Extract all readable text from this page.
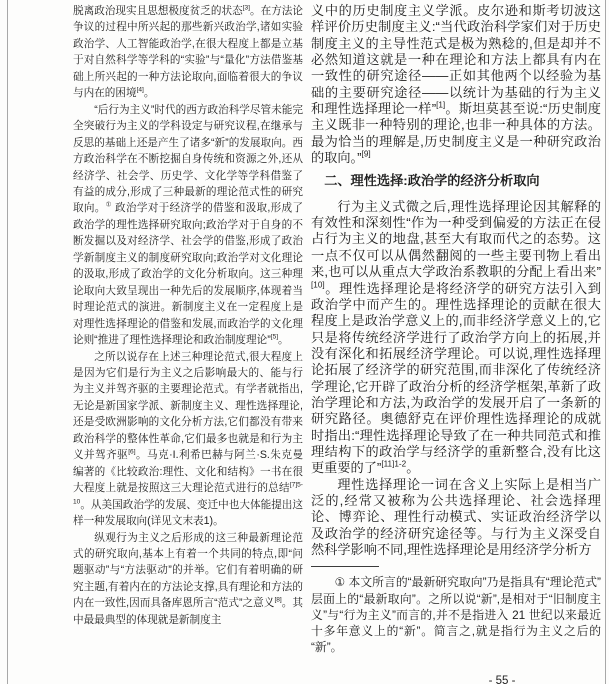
脱离政治现实且思想极度贫乏的状态[3]。在方法论争议的过程中所兴起的那些新兴政治学,诸如实验政治学、人工智能政治学,在很大程度上都是立基于对自然科学等学科的“实验”与“量化”方法借鉴基础上所兴起的一种方法论取向,面临着很大的争议与内在的困境[4]。

“后行为主义”时代的西方政治科学尽管未能完全突破行为主义的学科设定与研究议程,在继承与反思的基础上还是产生了诸多“新”的发展取向。西方政治科学在不断挖掘自身传统和资源之外,还从经济学、社会学、历史学、文化学等学科借鉴了有益的成分,形成了三种最新的理论范式性的研究取向。① 政治学对于经济学的借鉴和汲取,形成了政治学的理性选择研究取向;政治学对于自身的不断发掘以及对经济学、社会学的借鉴,形成了政治学新制度主义的制度研究取向;政治学对文化理论的汲取,形成了政治学的文化分析取向。这三种理论取向大致呈现出一种先后的发展顺序,体现着当时理论范式的演进。新制度主义在一定程度上是对理性选择理论的借鉴和发展,而政治学的文化理论则“推进了理性选择理论和政治制度理论”[5]。

之所以说存在上述三种理论范式,很大程度上是因为它们是行为主义之后影响最大的、能与行为主义并驾齐驱的主要理论范式。有学者就指出,无论是新国家学派、新制度主义、理性选择理论,还是受欧洲影响的文化分析方法,它们都没有带来政治科学的整体性革命,它们最多也就是和行为主义并驾齐驱[6]。马克·I.利希巴赫与阿兰·S.朱克曼编著的《比较政治:理性、文化和结构》一书在很大程度上就是按照这三大理论范式进行的总结$^{[7]5-10}$。从美国政治学的发展、变迁中也大体能提出这样一种发展取向(详见文末表1)。

纵观行为主义之后形成的这三种最新理论范式的研究取向,基本上有着一个共同的特点,即“问题驱动”与“方法驱动”的并举。它们有着明确的研究主题,有着内在的方法论支撑,具有理论和方法的内在一致性,因而具备库恩所言“范式”之意义[8]。其中最最典型的体现就是新制度主

义中的历史制度主义学派。皮尔逊和斯考切波这样评价历史制度主义:“当代政治科学家们对于历史制度主义的主导性范式是极为熟稔的,但是却并不必然知道这就是一种在理论和方法上都具有内在一致性的研究途径——正如其他两个以经验为基础的主要研究途径——以统计为基础的行为主义和理性选择理论一样”[1]。斯坦莫甚至说:“历史制度主义既非一种特别的理论,也非一种具体的方法。最为恰当的理解是,历史制度主义是一种研究政治的取向。”[9]

二、理性选择:政治学的经济分析取向

行为主义式微之后,理性选择理论因其解释的有效性和深刻性“作为一种受到偏爱的方法正在侵占行为主义的地盘,甚至大有取而代之的态势。这一点不仅可以从偶然翻阅的一些主要刊物上看出来,也可以从重点大学政治系教职的分配上看出来”[10]。理性选择理论是将经济学的研究方法引入到政治学中而产生的。理性选择理论的贡献在很大程度上是政治学意义上的,而非经济学意义上的,它只是将传统经济学进行了政治学方向上的拓展,并没有深化和拓展经济学理论。可以说,理性选择理论拓展了经济学的研究范围,而非深化了传统经济学理论,它开辟了政治分析的经济学框架,革新了政治学理论和方法,为政治学的发展开启了一条新的研究路径。奥德舒克在评价理性选择理论的成就时指出:“理性选择理论导致了在一种共同范式和推理结构下的政治学与经济学的重新整合,没有比这更重要的了”$^{[11]1-2}$。

理性选择理论一词在含义上实际上是相当广泛的,经常又被称为公共选择理论、社会选择理论、博弈论、理性行动模式、实证政治经济学以及政治学的经济研究途径等。与行为主义深受自然科学影响不同,理性选择理论是用经济学分析方

① 本文所言的“最新研究取向”乃是指具有“理论范式”层面上的“最新取向”。之所以说“新”,是相对于“旧制度主义”与“行为主义”而言的,并不是指进入 21 世纪以来最近十多年意义上的“新”。简言之,就是指行为主义之后的“新”。

- 55 -
